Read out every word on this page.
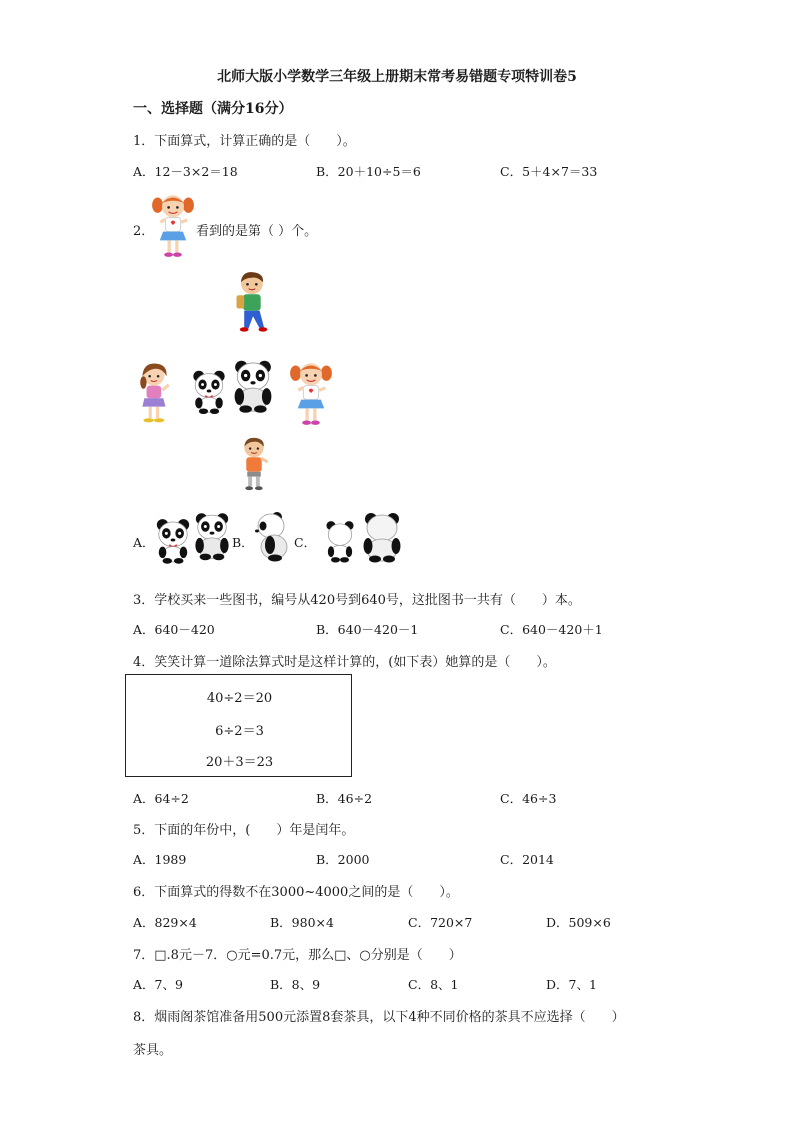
北师大版小学数学三年级上册期末常考易错题专项特训卷5
一、选择题（满分16分）
1．下面算式，计算正确的是（　　）。
A．12－3×2＝18	B．20＋10÷5＝6	C．5＋4×7＝33
2．	看到的是第（ ）个。
A．	B．	C．
3．学校买来一些图书，编号从420号到640号，这批图书一共有（　　）本。
A．640－420	B．640－420－1	C．640－420＋1
4．笑笑计算一道除法算式时是这样计算的，(如下表）她算的是（　　）。
40÷2＝20
6÷2＝3
20＋3＝23
A．64÷2	B．46÷2	C．46÷3
5．下面的年份中，(　　）年是闰年。
A．1989	B．2000	C．2014
6．下面算式的得数不在3000~4000之间的是（　　）。
A．829×4	B．980×4	C．720×7	D．509×6
7．□.8元－7．○元=0.7元，那么□、○分别是（　　）
A．7、9	B．8、9	C．8、1	D．7、1
8．烟雨阁茶馆准备用500元添置8套茶具，以下4种不同价格的茶具不应选择（　　）
茶具。
